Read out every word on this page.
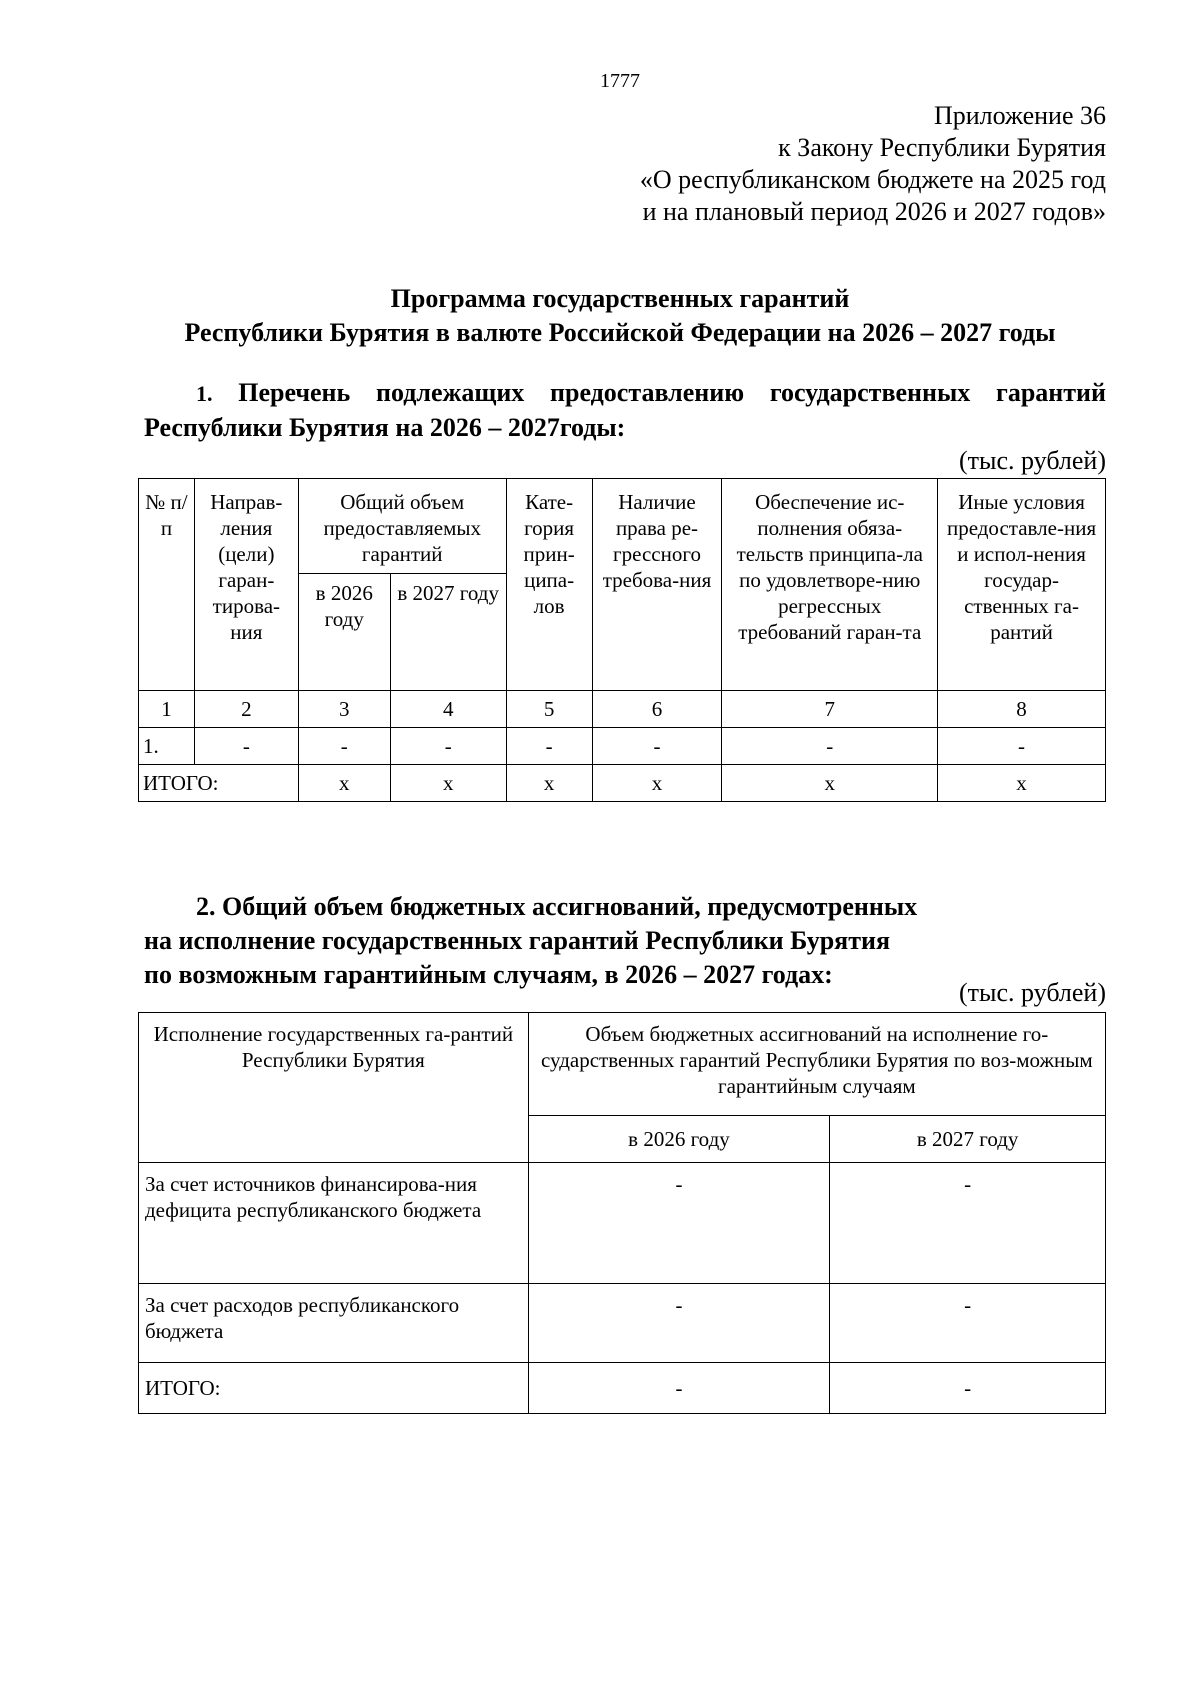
1777
Приложение 36
к Закону Республики Бурятия
«О республиканском бюджете на 2025 год
и на плановый период 2026 и 2027 годов»
Программа государственных гарантий
Республики Бурятия в валюте Российской Федерации на 2026 – 2027 годы
1. Перечень подлежащих предоставлению государственных гарантий
Республики Бурятия на 2026 – 2027годы:
(тыс. рублей)
№ п/п	Направ-ления (цели) гаран-тирова-ния	Общий объем предоставляемых гарантий		Кате-гория прин-ципа-лов	Наличие права ре-грессного требова-ния	Обеспечение ис-полнения обяза-тельств принципа-ла по удовлетворе-нию регрессных требований гаран-та	Иные условия предоставле-ния и испол-нения государ-ственных га-рантий
		в 2026 году	в 2027 году				
1	2	3	4	5	6	7	8
1.	-	-	-	-	-	-	-
ИТОГО:		х	х	х	х	х	х
2. Общий объем бюджетных ассигнований, предусмотренных
на исполнение государственных гарантий Республики Бурятия
по возможным гарантийным случаям, в 2026 – 2027 годах:
(тыс. рублей)
Исполнение государственных га-рантий Республики Бурятия	Объем бюджетных ассигнований на исполнение го-сударственных гарантий Республики Бурятия по воз-можным гарантийным случаям	
	в 2026 году	в 2027 году
За счет источников финансирова-ния дефицита республиканского бюджета	-	-
За счет расходов республиканского бюджета	-	-
ИТОГО:	-	-
